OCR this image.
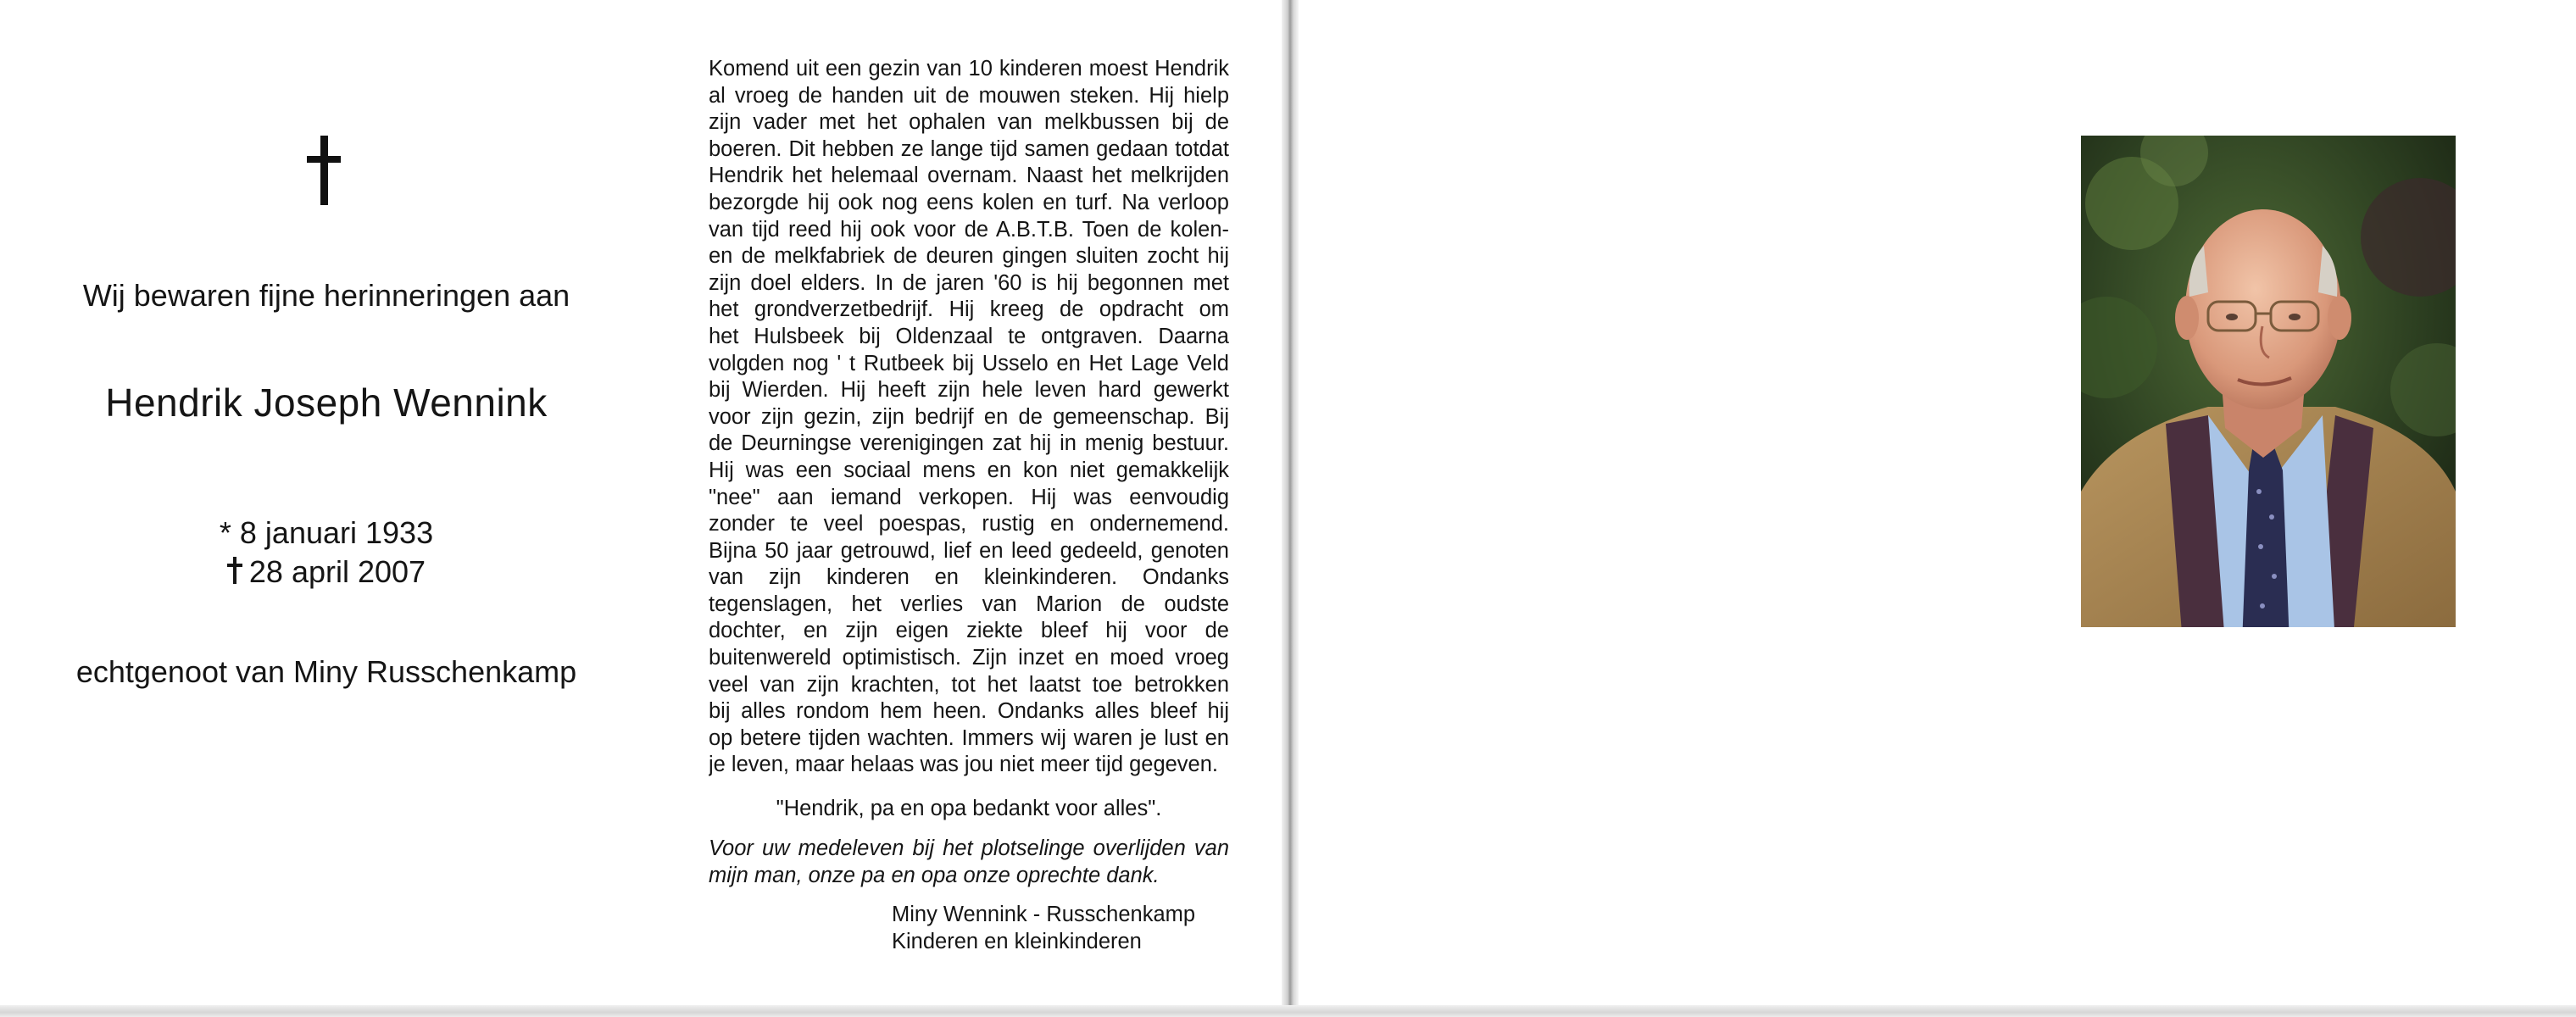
Wij bewaren fijne herinneringen aan
Hendrik Joseph Wennink
* 8 januari 1933
28 april 2007
echtgenoot van Miny Russchenkamp
Komend uit een gezin van 10 kinderen moest Hendrik
al vroeg de handen uit de mouwen steken. Hij hielp
zijn vader met het ophalen van melkbussen bij de
boeren. Dit hebben ze lange tijd samen gedaan totdat
Hendrik het helemaal overnam. Naast het melkrijden
bezorgde hij ook nog eens kolen en turf. Na verloop
van tijd reed hij ook voor de A.B.T.B. Toen de kolen-
en de melkfabriek de deuren gingen sluiten zocht hij
zijn doel elders. In de jaren '60 is hij begonnen met
het grondverzetbedrijf. Hij kreeg de opdracht om
het Hulsbeek bij Oldenzaal te ontgraven. Daarna
volgden nog ' t Rutbeek bij Usselo en Het Lage Veld
bij Wierden. Hij heeft zijn hele leven hard gewerkt
voor zijn gezin, zijn bedrijf en de gemeenschap. Bij
de Deurningse verenigingen zat hij in menig bestuur.
Hij was een sociaal mens en kon niet gemakkelijk
"nee" aan iemand verkopen. Hij was eenvoudig
zonder te veel poespas, rustig en ondernemend.
Bijna 50 jaar getrouwd, lief en leed gedeeld, genoten
van zijn kinderen en kleinkinderen. Ondanks
tegenslagen, het verlies van Marion de oudste
dochter, en zijn eigen ziekte bleef hij voor de
buitenwereld optimistisch. Zijn inzet en moed vroeg
veel van zijn krachten, tot het laatst toe betrokken
bij alles rondom hem heen. Ondanks alles bleef hij
op betere tijden wachten. Immers wij waren je lust en
je leven, maar helaas was jou niet meer tijd gegeven.
"Hendrik, pa en opa bedankt voor alles".
Voor uw medeleven bij het plotselinge overlijden van
mijn man, onze pa en opa onze oprechte dank.
Miny Wennink - Russchenkamp
Kinderen en kleinkinderen
